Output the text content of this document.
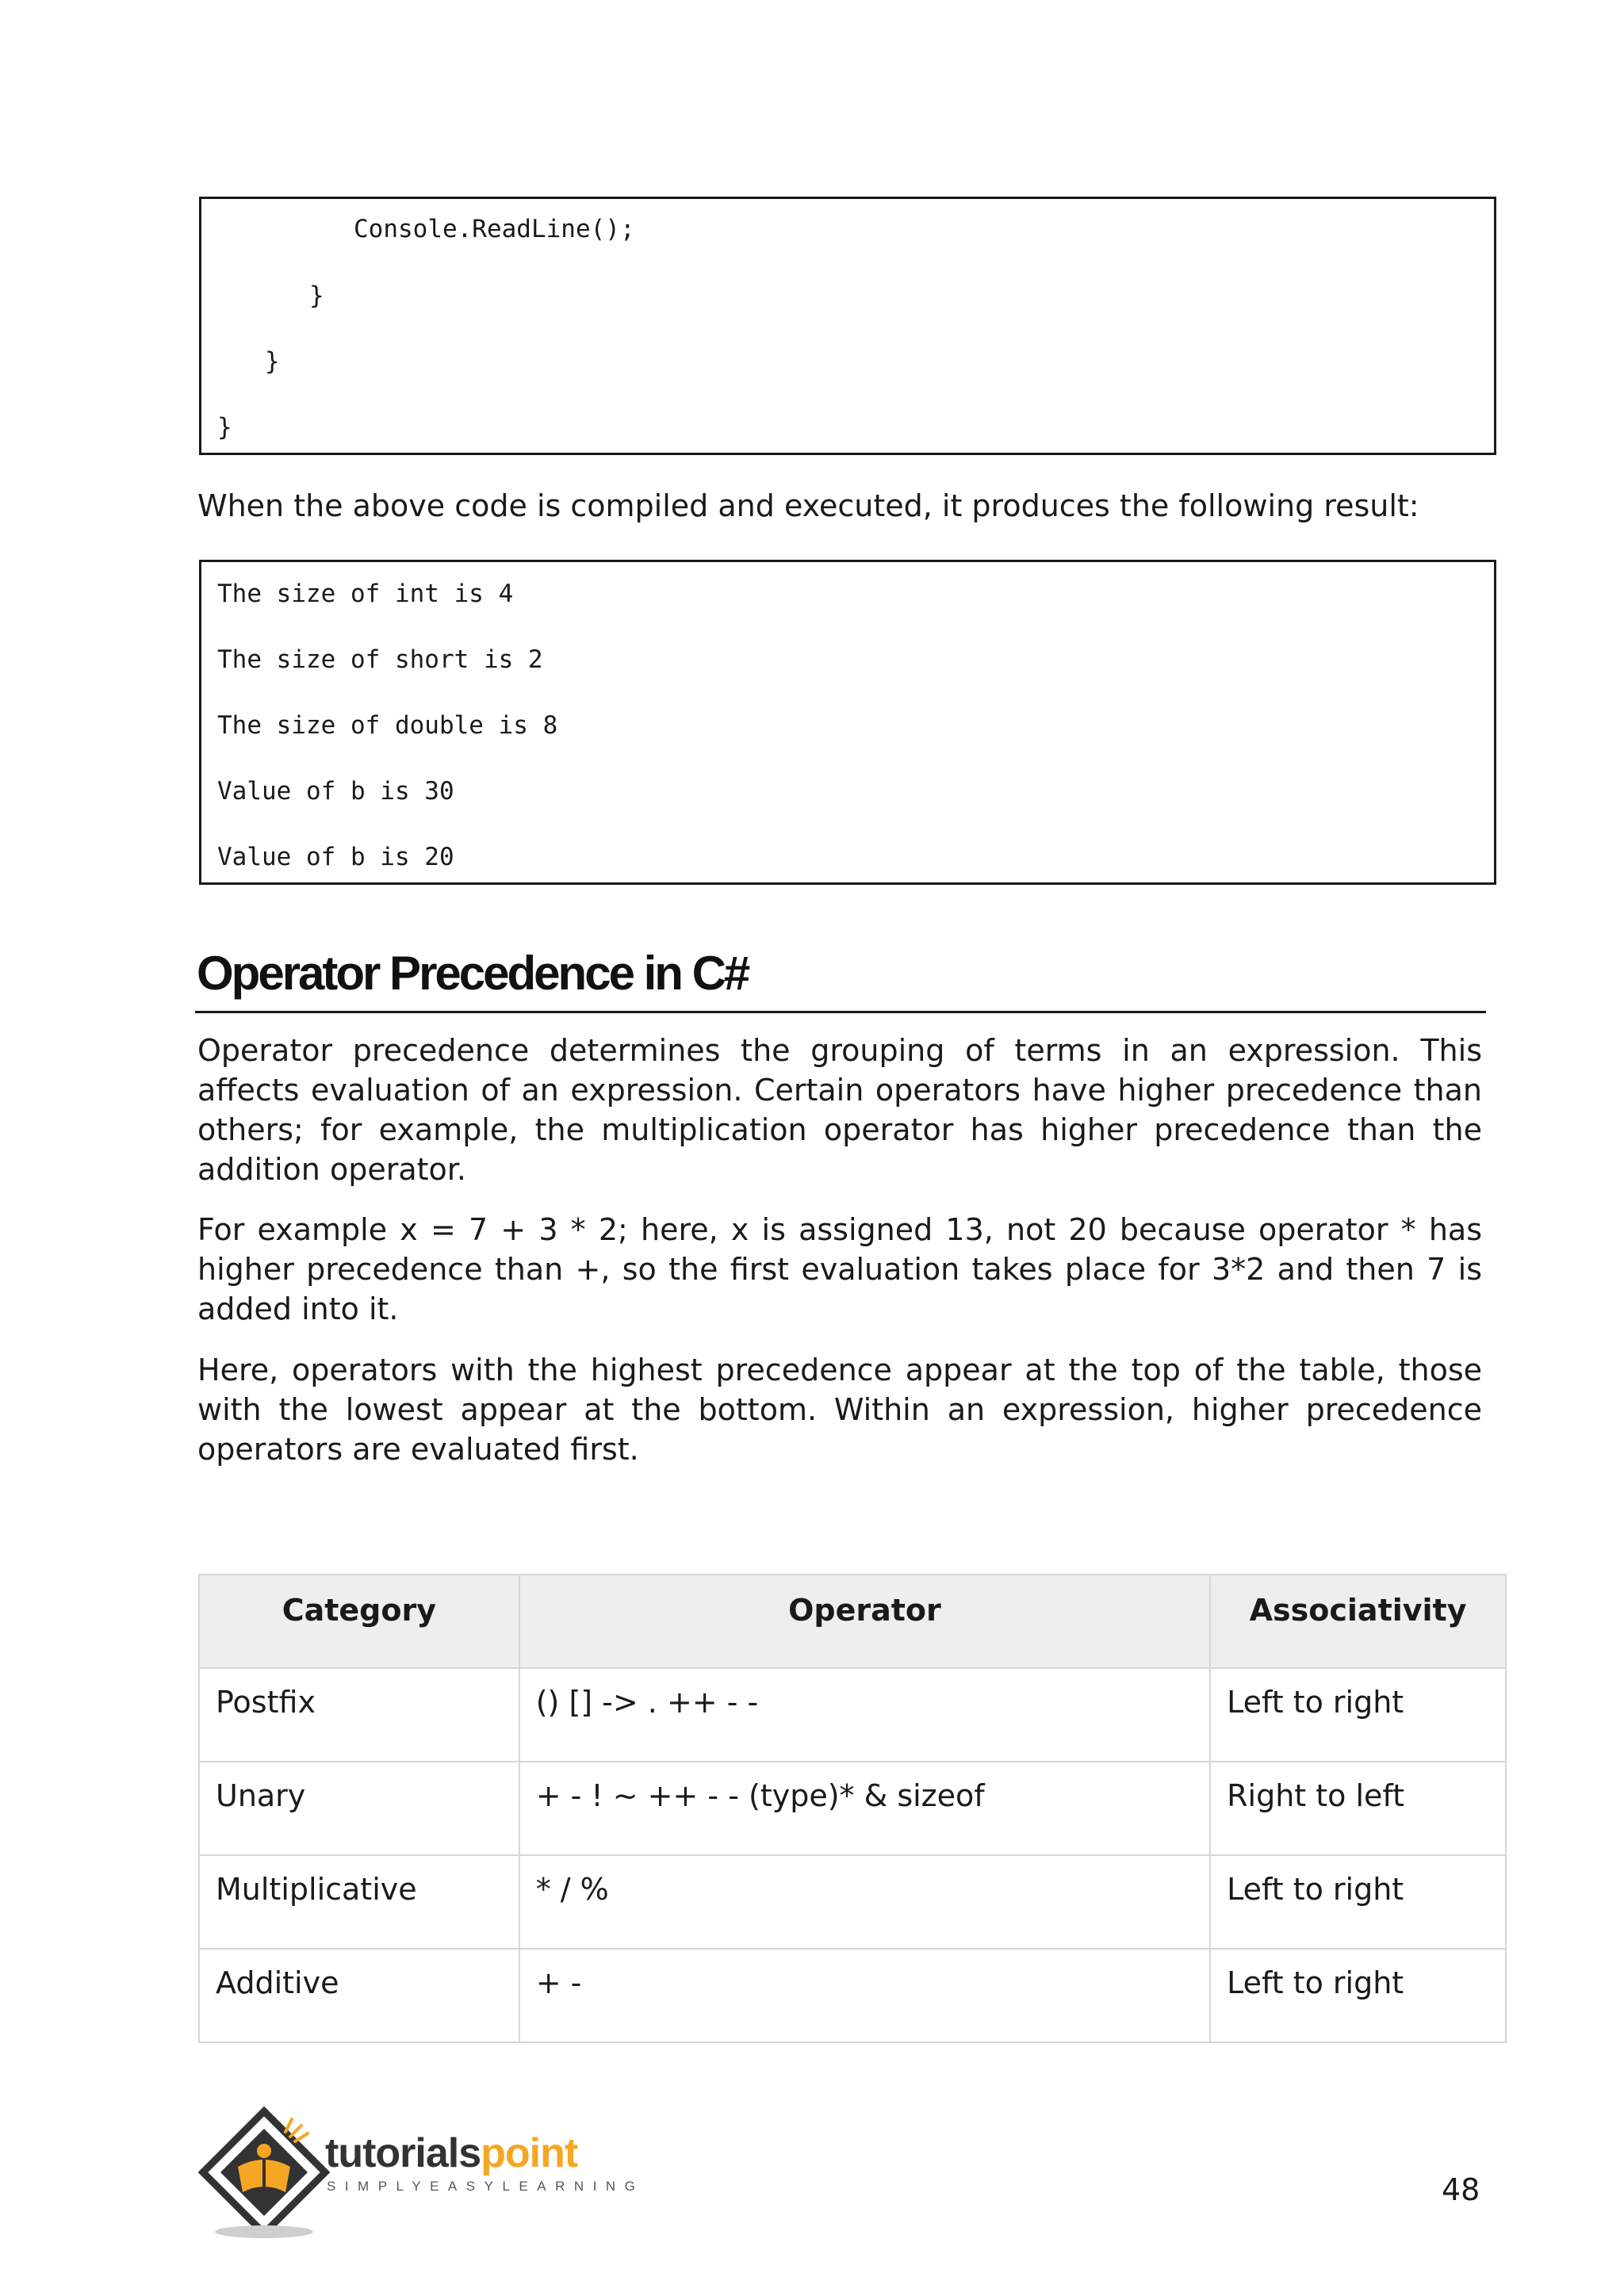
Console.ReadLine();
}
}
}
When the above code is compiled and executed, it produces the following result:
The size of int is 4
The size of short is 2
The size of double is 8
Value of b is 30
Value of b is 20
Operator Precedence in C#
Operator precedence determines the grouping of terms in an expression. This affects evaluation of an expression. Certain operators have higher precedence than others; for example, the multiplication operator has higher precedence than the addition operator.
For example x = 7 + 3 * 2; here, x is assigned 13, not 20 because operator * has higher precedence than +, so the first evaluation takes place for 3*2 and then 7 is added into it.
Here, operators with the highest precedence appear at the top of the table, those with the lowest appear at the bottom. Within an expression, higher precedence operators are evaluated first.
Category	Operator	Associativity
Postfix	() [] -> . ++ - -	Left to right
Unary	+ - ! ~ ++ - - (type)* & sizeof	Right to left
Multiplicative	* / %	Left to right
Additive	+ -	Left to right
tutorialspoint
SIMPLYEASYLEARNING	48
